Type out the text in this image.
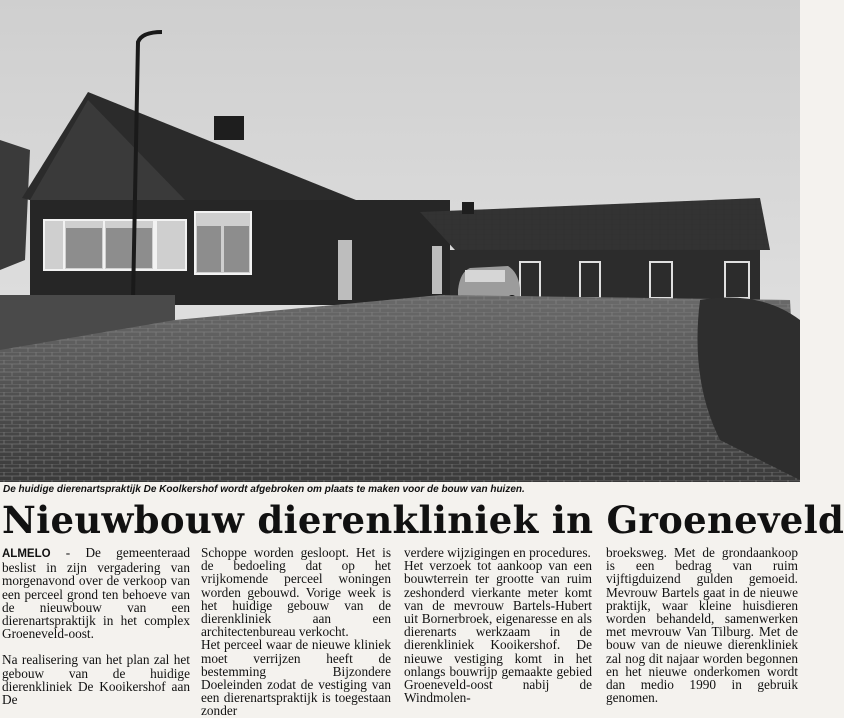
De huidige dierenartspraktijk De Koolkershof wordt afgebroken om plaats te maken voor de bouw van huizen.
Nieuwbouw dierenkliniek in Groeneveld

ALMELO - De gemeenteraad beslist in zijn vergadering van morgenavond over de verkoop van een perceel grond ten behoeve van de nieuwbouw van een dierenartspraktijk in het complex Groeneveld-oost.

Na realisering van het plan zal het gebouw van de huidige dierenkliniek De Kooikershof aan De

Schoppe worden gesloopt. Het is de bedoeling dat op het vrijkomende perceel woningen worden gebouwd. Vorige week is het huidige gebouw van de dierenkliniek aan een architectenbureau verkocht.

Het perceel waar de nieuwe kliniek moet verrijzen heeft de bestemming Bijzondere Doeleinden zodat de vestiging van een dierenartspraktijk is toegestaan zonder

verdere wijzigingen en procedures.

Het verzoek tot aankoop van een bouwterrein ter grootte van ruim zeshonderd vierkante meter komt van de mevrouw Bartels-Hubert uit Bornerbroek, eigenaresse en als dierenarts werkzaam in de dierenkliniek Kooikershof. De nieuwe vestiging komt in het onlangs bouwrijp gemaakte gebied Groeneveld-oost nabij de Windmolen-

broeksweg. Met de grondaankoop is een bedrag van ruim vijftigduizend gulden gemoeid. Mevrouw Bartels gaat in de nieuwe praktijk, waar kleine huisdieren worden behandeld, samenwerken met mevrouw Van Tilburg. Met de bouw van de nieuwe dierenkliniek zal nog dit najaar worden begonnen en het nieuwe onderkomen wordt dan medio 1990 in gebruik genomen.
